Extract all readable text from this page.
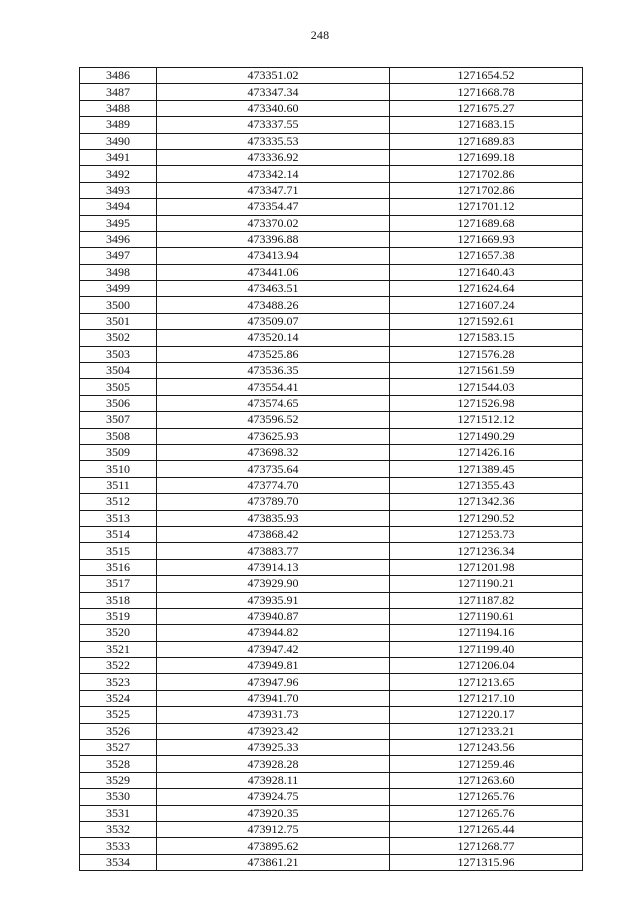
248
3486	473351.02	1271654.52
3487	473347.34	1271668.78
3488	473340.60	1271675.27
3489	473337.55	1271683.15
3490	473335.53	1271689.83
3491	473336.92	1271699.18
3492	473342.14	1271702.86
3493	473347.71	1271702.86
3494	473354.47	1271701.12
3495	473370.02	1271689.68
3496	473396.88	1271669.93
3497	473413.94	1271657.38
3498	473441.06	1271640.43
3499	473463.51	1271624.64
3500	473488.26	1271607.24
3501	473509.07	1271592.61
3502	473520.14	1271583.15
3503	473525.86	1271576.28
3504	473536.35	1271561.59
3505	473554.41	1271544.03
3506	473574.65	1271526.98
3507	473596.52	1271512.12
3508	473625.93	1271490.29
3509	473698.32	1271426.16
3510	473735.64	1271389.45
3511	473774.70	1271355.43
3512	473789.70	1271342.36
3513	473835.93	1271290.52
3514	473868.42	1271253.73
3515	473883.77	1271236.34
3516	473914.13	1271201.98
3517	473929.90	1271190.21
3518	473935.91	1271187.82
3519	473940.87	1271190.61
3520	473944.82	1271194.16
3521	473947.42	1271199.40
3522	473949.81	1271206.04
3523	473947.96	1271213.65
3524	473941.70	1271217.10
3525	473931.73	1271220.17
3526	473923.42	1271233.21
3527	473925.33	1271243.56
3528	473928.28	1271259.46
3529	473928.11	1271263.60
3530	473924.75	1271265.76
3531	473920.35	1271265.76
3532	473912.75	1271265.44
3533	473895.62	1271268.77
3534	473861.21	1271315.96
